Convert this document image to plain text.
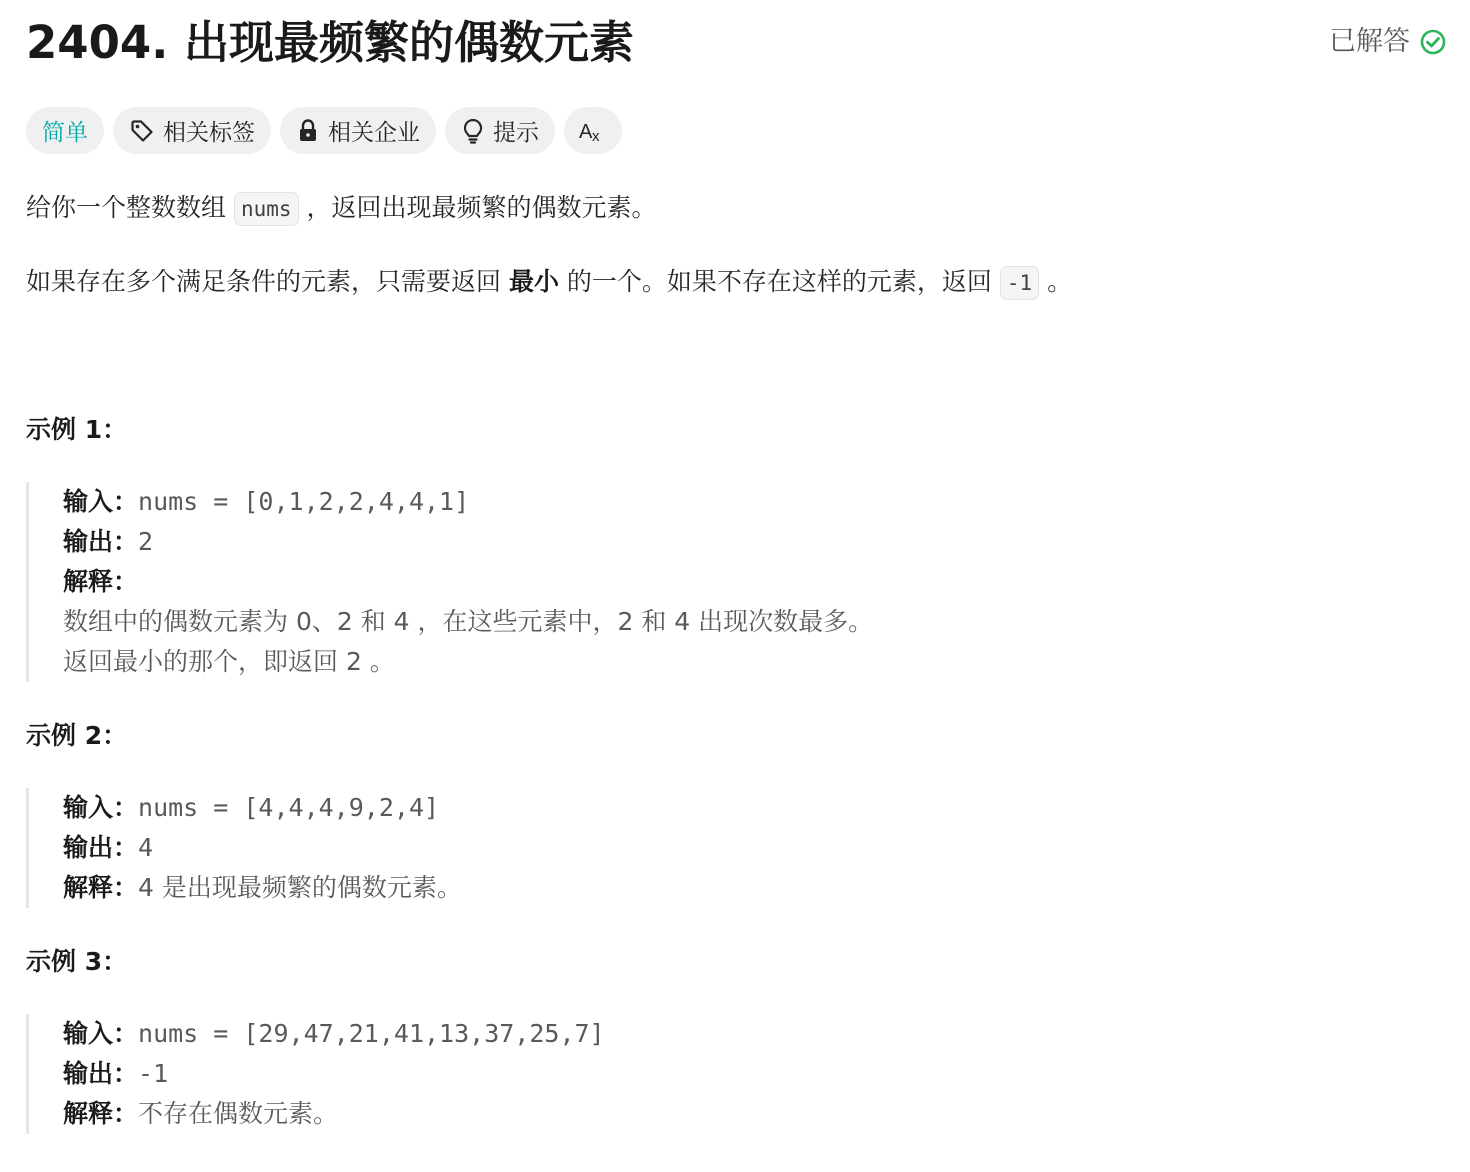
2404. 出现最频繁的偶数元素	已解答
简单	相关标签	相关企业	提示 A x
给你一个整数数组 nums ，返回出现最频繁的偶数元素。
如果存在多个满足条件的元素，只需要返回 最小 的一个。如果不存在这样的元素，返回 -1 。
示例 1：
输入：nums = [0,1,2,2,4,4,1]
输出：2
解释：
数组中的偶数元素为 0、2 和 4 ，在这些元素中，2 和 4 出现次数最多。
返回最小的那个，即返回 2 。
示例 2：
输入：nums = [4,4,4,9,2,4]
输出：4
解释：4 是出现最频繁的偶数元素。
示例 3：
输入：nums = [29,47,21,41,13,37,25,7]
输出：-1
解释：不存在偶数元素。
